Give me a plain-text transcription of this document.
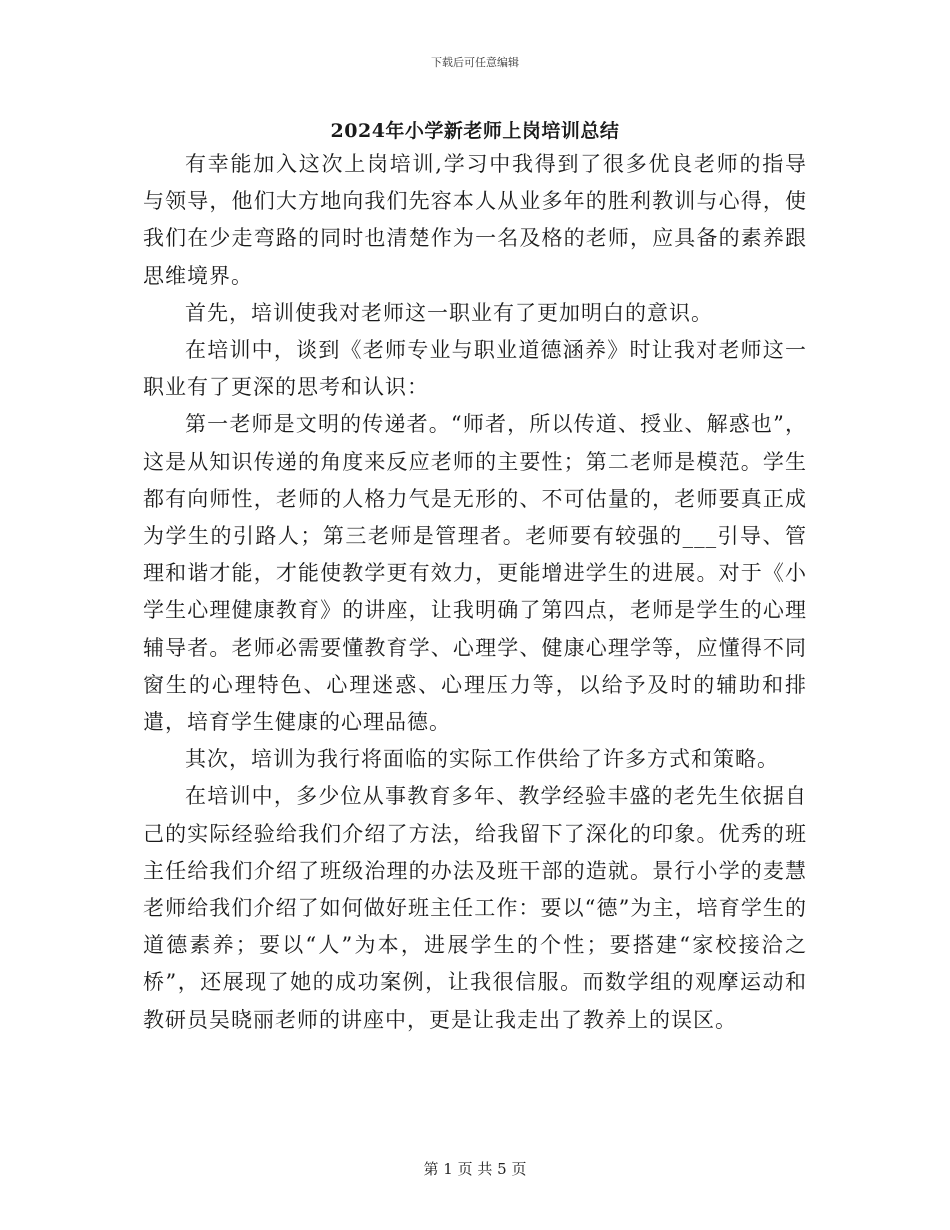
下载后可任意编辑
2024年小学新老师上岗培训总结

有幸能加入这次上岗培训,学习中我得到了很多优良老师的指导与领导，他们大方地向我们先容本人从业多年的胜利教训与心得，使我们在少走弯路的同时也清楚作为一名及格的老师，应具备的素养跟思维境界。

首先，培训使我对老师这一职业有了更加明白的意识。

在培训中，谈到《老师专业与职业道德涵养》时让我对老师这一职业有了更深的思考和认识：

第一老师是文明的传递者。“师者，所以传道、授业、解惑也”，这是从知识传递的角度来反应老师的主要性；第二老师是模范。学生都有向师性，老师的人格力气是无形的、不可估量的，老师要真正成为学生的引路人；第三老师是管理者。老师要有较强的___引导、管理和谐才能，才能使教学更有效力，更能增进学生的进展。对于《小学生心理健康教育》的讲座，让我明确了第四点，老师是学生的心理辅导者。老师必需要懂教育学、心理学、健康心理学等，应懂得不同窗生的心理特色、心理迷惑、心理压力等，以给予及时的辅助和排遣，培育学生健康的心理品德。

其次，培训为我行将面临的实际工作供给了许多方式和策略。

在培训中，多少位从事教育多年、教学经验丰盛的老先生依据自己的实际经验给我们介绍了方法，给我留下了深化的印象。优秀的班主任给我们介绍了班级治理的办法及班干部的造就。景行小学的麦慧老师给我们介绍了如何做好班主任工作：要以“德”为主，培育学生的道德素养；要以“人”为本，进展学生的个性；要搭建“家校接洽之桥”，还展现了她的成功案例，让我很信服。而数学组的观摩运动和教研员吴晓丽老师的讲座中，更是让我走出了教养上的误区。

第 1 页 共 5 页
